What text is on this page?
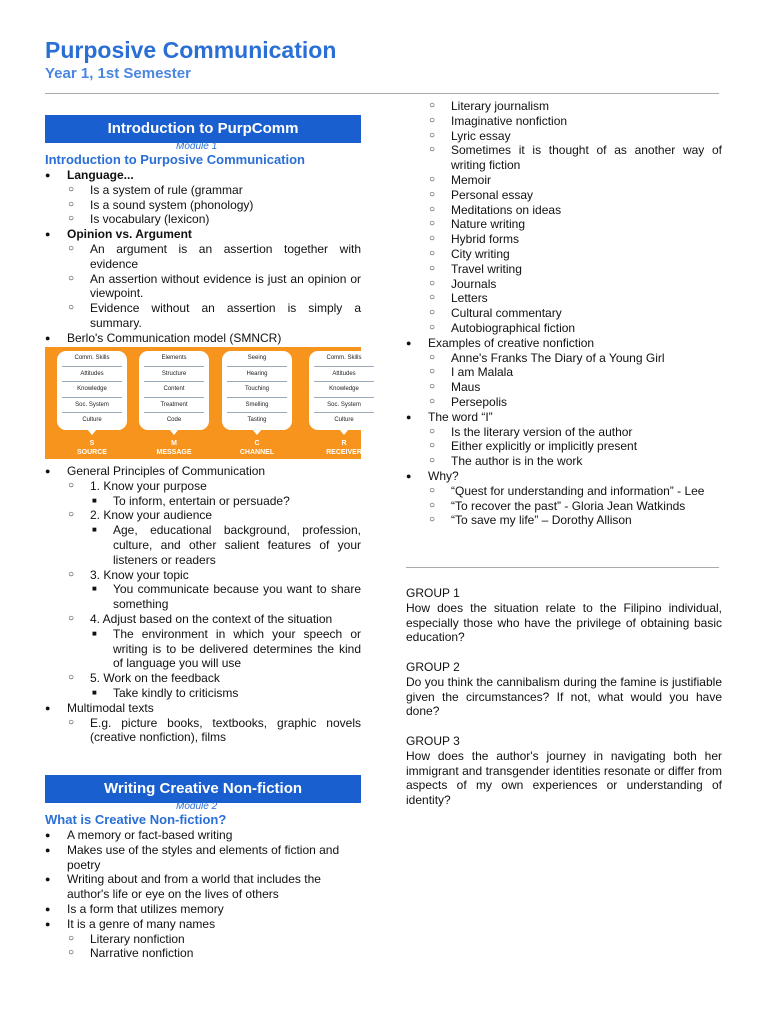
Purposive Communication
Year 1, 1st Semester
Introduction to PurpComm
Module 1
Introduction to Purposive Communication
● Language...
○ Is a system of rule (grammar
○ Is a sound system (phonology)
○ Is vocabulary (lexicon)
● Opinion vs. Argument
○ An argument is an assertion together with evidence
○ An assertion without evidence is just an opinion or viewpoint.
○ Evidence without an assertion is simply a summary.
● Berlo's Communication model (SMNCR)
Comm. Skills
Attitudes
Knowledge
Soc. System
Culture
S
SOURCE
Elements
Structure
Content
Treatment
Code
M
MESSAGE
Seeing
Hearing
Touching
Smelling
Tasting
C
CHANNEL
Comm. Skills
Attitudes
Knowledge
Soc. System
Culture
R
RECEIVER
● General Principles of Communication
○ 1. Know your purpose
■ To inform, entertain or persuade?
○ 2. Know your audience
■ Age, educational background, profession, culture, and other salient features of your listeners or readers
○ 3. Know your topic
■ You communicate because you want to share something
○ 4. Adjust based on the context of the situation
■ The environment in which your speech or writing is to be delivered determines the kind of language you will use
○ 5. Work on the feedback
■ Take kindly to criticisms
● Multimodal texts
○ E.g. picture books, textbooks, graphic novels (creative nonfiction), films
Writing Creative Non-fiction
Module 2
What is Creative Non-fiction?
● A memory or fact-based writing
● Makes use of the styles and elements of fiction and poetry
● Writing about and from a world that includes the author's life or eye on the lives of others
● Is a form that utilizes memory
● It is a genre of many names
○ Literary nonfiction
○ Narrative nonfiction
○ Literary journalism
○ Imaginative nonfiction
○ Lyric essay
○ Sometimes it is thought of as another way of writing fiction
○ Memoir
○ Personal essay
○ Meditations on ideas
○ Nature writing
○ Hybrid forms
○ City writing
○ Travel writing
○ Journals
○ Letters
○ Cultural commentary
○ Autobiographical fiction
● Examples of creative nonfiction
○ Anne's Franks The Diary of a Young Girl
○ I am Malala
○ Maus
○ Persepolis
● The word “I”
○ Is the literary version of the author
○ Either explicitly or implicitly present
○ The author is in the work
● Why?
○ “Quest for understanding and information” - Lee
○ “To recover the past” - Gloria Jean Watkinds
○ “To save my life” – Dorothy Allison

GROUP 1

How does the situation relate to the Filipino individual, especially those who have the privilege of obtaining basic education?

GROUP 2

Do you think the cannibalism during the famine is justifiable given the circumstances? If not, what would you have done?

GROUP 3

How does the author's journey in navigating both her immigrant and transgender identities resonate or differ from aspects of my own experiences or understanding of identity?
